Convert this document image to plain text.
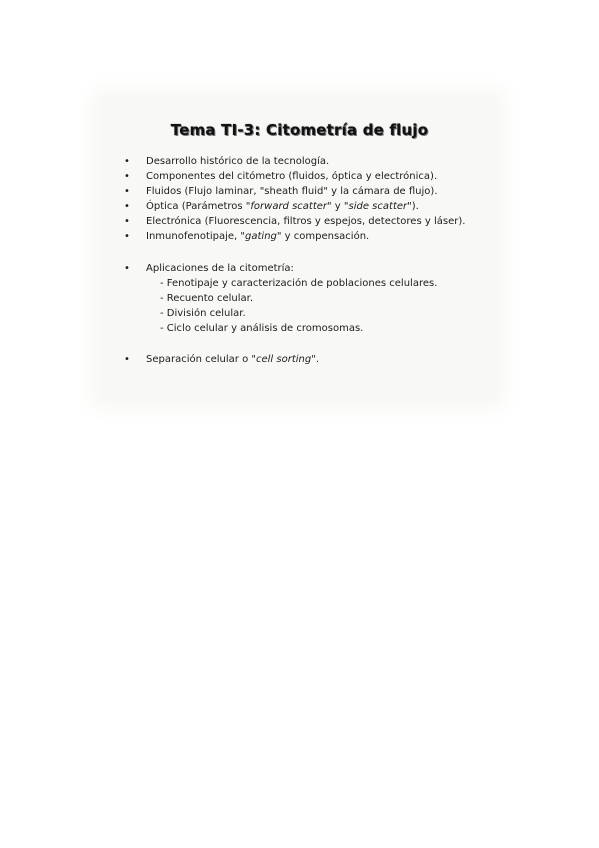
Tema TI-3: Citometría de flujo
•	Desarrollo histórico de la tecnología.
•	Componentes del citómetro (fluidos, óptica y electrónica).
•	Fluidos (Flujo laminar, "sheath fluid" y la cámara de flujo).
•	Óptica (Parámetros "forward scatter" y "side scatter").
•	Electrónica (Fluorescencia, filtros y espejos, detectores y láser).
•	Inmunofenotipaje, "gating" y compensación.
•	Aplicaciones de la citometría:
- Fenotipaje y caracterización de poblaciones celulares.
- Recuento celular.
- División celular.
- Ciclo celular y análisis de cromosomas.
•	Separación celular o "cell sorting".
